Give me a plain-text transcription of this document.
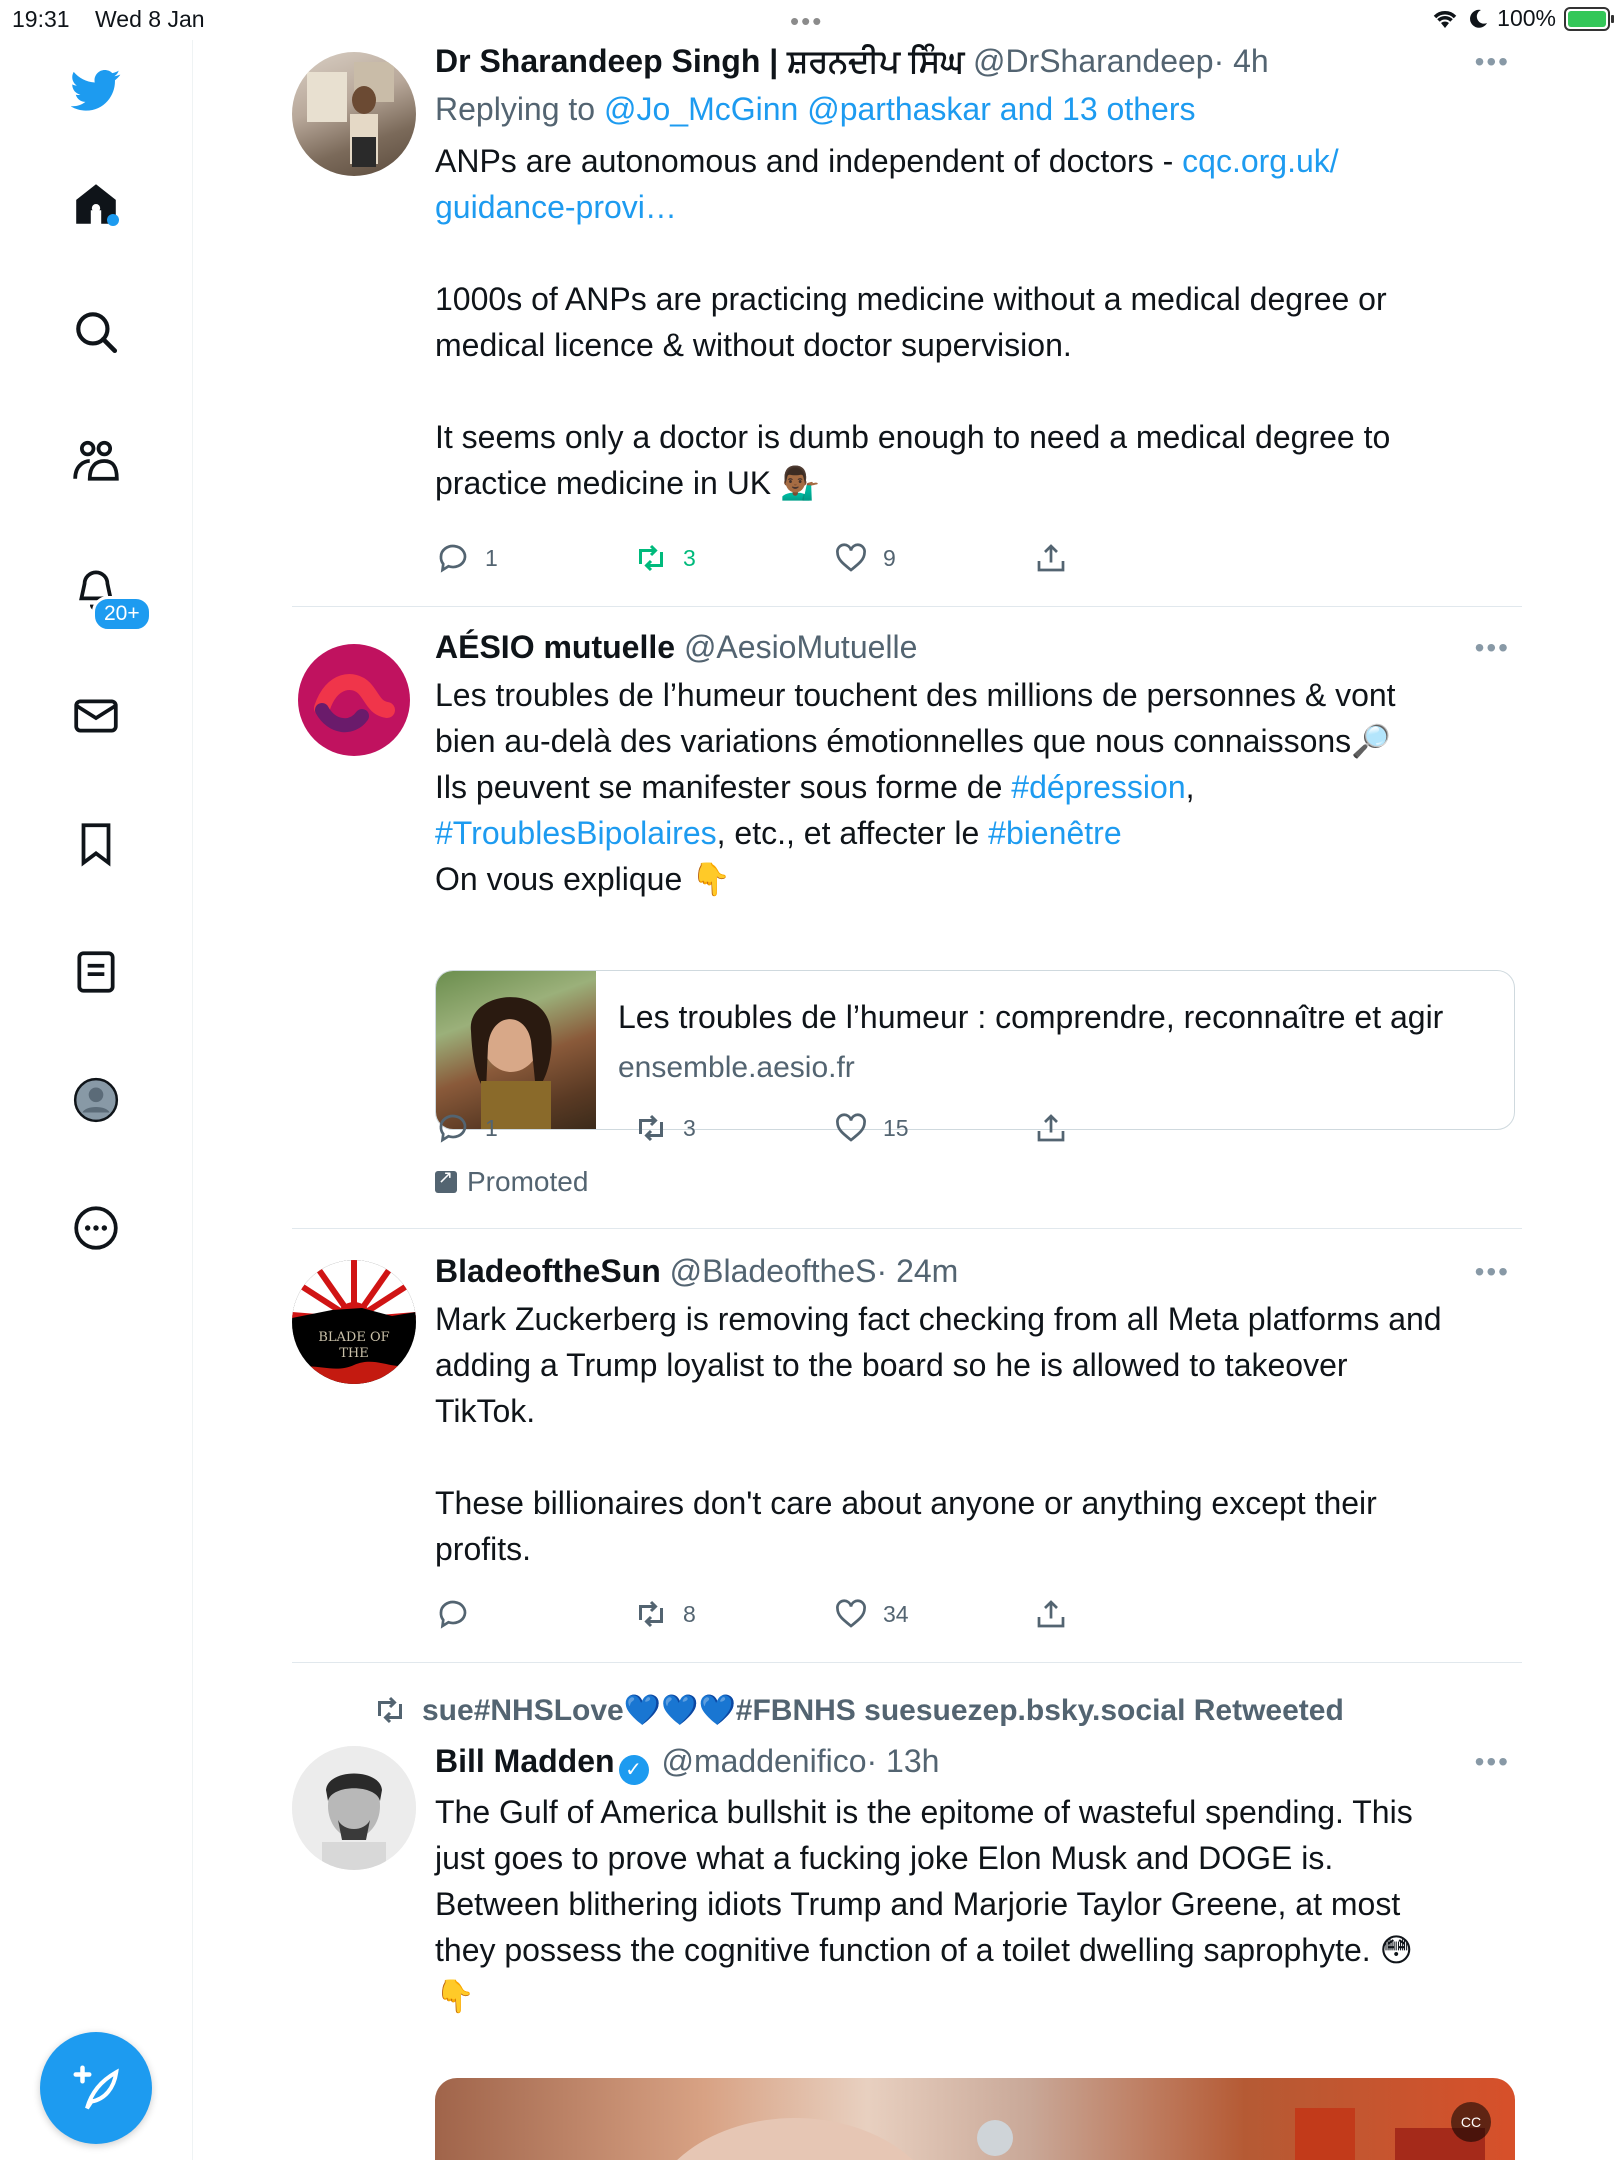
19:31 Wed 8 Jan	•••	100%
20+
Dr Sharandeep Singh | ਸ਼ਰਨਦੀਪ ਸਿੰਘ @DrSharandeep· 4h
Replying to @Jo_McGinn @parthaskar and 13 others
ANPs are autonomous and independent of doctors - cqc.org.uk/
guidance-provi…

1000s of ANPs are practicing medicine without a medical degree or
medical licence & without doctor supervision.

It seems only a doctor is dumb enough to need a medical degree to
practice medicine in UK 💁🏾‍♂️
•••
1	3	9
AÉSIO mutuelle @AesioMutuelle
Les troubles de l’humeur touchent des millions de personnes & vont
bien au-delà des variations émotionnelles que nous connaissons🔎
Ils peuvent se manifester sous forme de #dépression,
#TroublesBipolaires, etc., et affecter le #bienêtre
On vous explique 👇
•••
Les troubles de l’humeur : comprendre, reconnaître et agir
ensemble.aesio.fr
1	3	15
↗
Promoted
BLADE OF THE
BladeoftheSun @BladeoftheS· 24m
Mark Zuckerberg is removing fact checking from all Meta platforms and
adding a Trump loyalist to the board so he is allowed to takeover
TikTok.

These billionaires don't care about anyone or anything except their
profits.
•••
8	34
sue#NHSLove💙💙💙#FBNHS suesuezep.bsky.social Retweeted
Bill Madden ✓ @maddenifico· 13h
The Gulf of America bullshit is the epitome of wasteful spending. This
just goes to prove what a fucking joke Elon Musk and DOGE is.
Between blithering idiots Trump and Marjorie Taylor Greene, at most
they possess the cognitive function of a toilet dwelling saprophyte. 😳
👇
•••
CC
